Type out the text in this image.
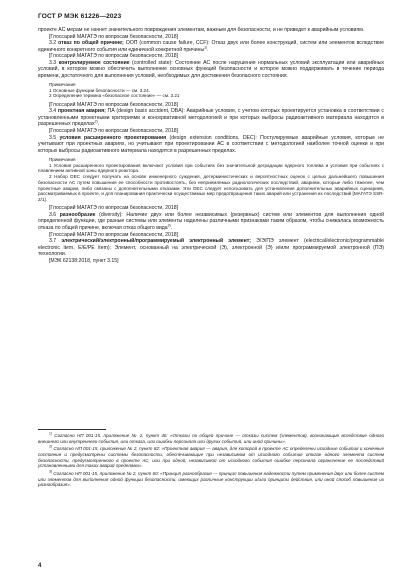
ГОСТ Р МЭК 61226—2023

проекте АС мерам не начнет значительного повреждения элементам, важным для безопасности, и не приведет к аварийным условиям.

[Глоссарий МАГАТЭ по вопросам безопасности, 2018]

3.2 отказ по общей причине; ООП (common cause failure, CCF): Отказ двух или более конструкций, систем или элементов вследствие единичного конкретного события или единичной конкретной причины$^{1)}$.

[Глоссарий МАГАТЭ по вопросам безопасности, 2018]

3.3 контролируемое состояние (controlled state): Состояние АС после нарушения нормальных условий эксплуатации или аварийных условий, в котором можно обеспечить выполнение основных функций безопасности и которое можно поддерживать в течение периода времени, достаточного для выполнения условий, необходимых для достижения безопасного состояния.

Примечания

1 Основные функции безопасности — см. 3.24.

2 Определение термина «безопасное состояние» — см. 3.21

[Глоссарий МАГАТЭ по вопросам безопасности, 2018]

3.4 проектная авария; ПА (design basis accident, DBA): Аварийные условия, с учетом которых проектируется установка в соответствии с установленными проектными критериями и консервативной методологией и при которых выбросы радиоактивного материала находятся в разрешенных пределах$^{2)}$.

[Глоссарий МАГАТЭ по вопросам безопасности, 2018]

3.5 условия расширенного проектирования (design extension conditions, DEC): Постулируемые аварийные условия, которые не учитывают при проектных авариях, но учитывают при проектировании АС в соответствии с методологией наиболее точной оценки и при которых выбросы радиоактивного материала находятся в разрешенных пределах.

Примечания

1 Условия расширенного проектирования включают условия при событиях без значительной деградации ядерного топлива и условия при событиях с плавлением активной зоны ядерного реактора.

2 Набор DEC следует получать на основе инженерного суждения, детерминистических и вероятностных оценок с целью дальнейшего повышения безопасности АС путем повышения ее способности противостоять, без неприемлемых радиологических последствий, авариям, которые либо тяжелее, чем проектные аварии, либо связаны с дополнительными отказами. Эти DEC следует использовать для установления дополнительных аварийных сценариев, рассматриваемых в проекте, и для планирования практически осуществимых мер предотвращения таких аварий или устранения их последствий [МАГАТЭ SSR-2/1].

[Глоссарий МАГАТЭ по вопросам безопасности, 2018]

3.6 разнообразие (diversity): Наличие двух или более независимых (резервных) систем или элементов для выполнения одной определенной функции, где разные системы или элементы наделены различными признаками таким образом, чтобы снижалась возможность отказа по общей причине, включая отказ общего вида$^{3)}$.

[Глоссарий МАГАТЭ по вопросам безопасности, 2018]

3.7 электрический/электронный/программируемый электронный элемент; Э/Э/ПЭ элемент (electrical/electronic/programmable electronic item, E/E/PE item): Элемент, основанный на электрической (Э), электронной (Э) и/или программируемой электронной (ПЭ) технологии.

[МЭК 62138:2018, пункт 3.15]

$^{1)}$ Согласно НП 001-15, приложение № 2, пункт 46: «Отказы по общей причине — отказы систем (элементов), возникающие вследствие одного внешнего или внутреннего события, или отказа, или ошибки персонала или других событий, или иной причины».

$^{2)}$ Согласно НП 001-15, приложение № 2, пункт 82: «Проектная авария — авария, для которой в проекте АС определены исходные события и конечные состояния и предусмотрены системы безопасности, обеспечивающие при независимом от исходного события отказе одного элемента систем безопасности, предусмотренного в проекте АС, или при одной, независимой от исходного события ошибке персонала ограничение ее последствий установленными для таких аварий пределами».

$^{3)}$ Согласно НП 001-15, приложение № 2, пункт 60: «Принцип разнообразия — принцип повышения надежности путем применения двух или более систем или элементов для выполнения одной функции безопасности, имеющих различные конструкции и/или принципы действия, или иной способ повышения их разнообразия».

4
